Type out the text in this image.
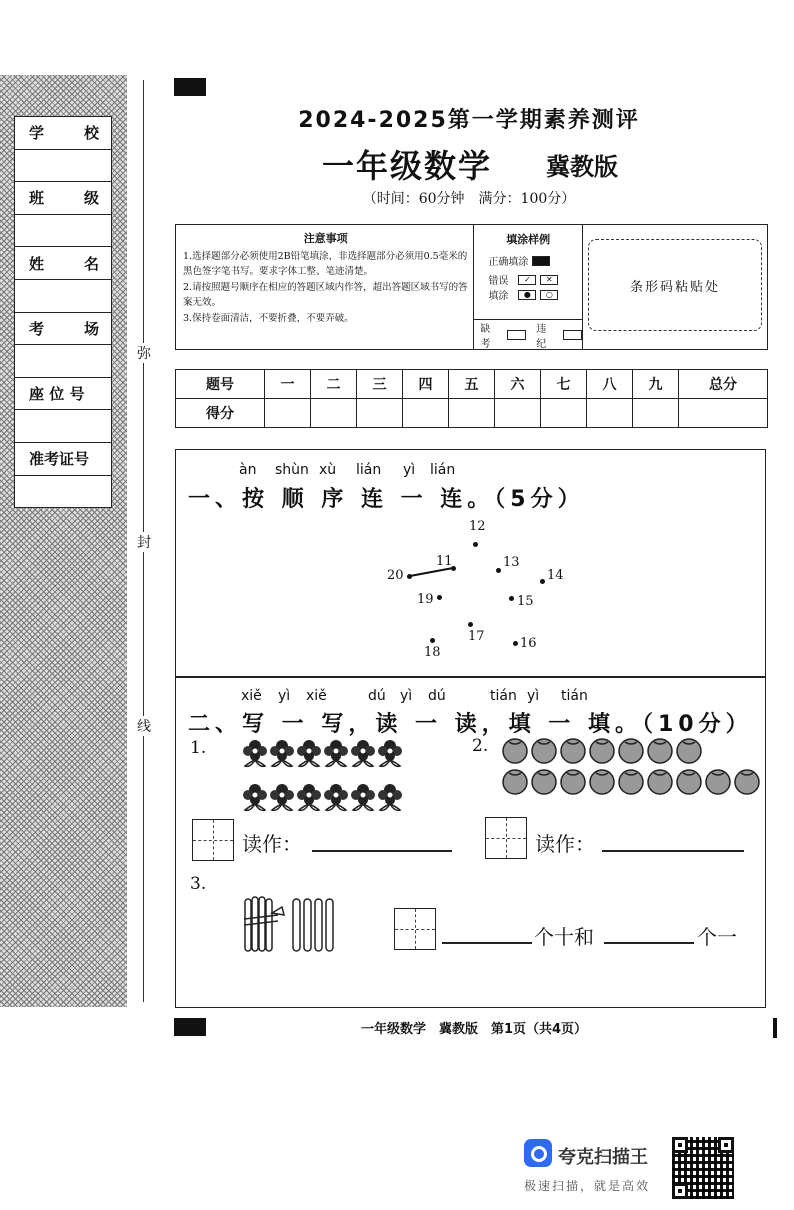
学	校
班	级
姓	名
考	场
座 位 号
准考证号
弥
封
线
2024-2025第一学期素养测评
一年级数学 冀教版
（时间：60分钟　满分：100分）
注意事项

1.选择题部分必须使用2B铅笔填涂，非选择题部分必须用0.5毫米的黑色签字笔书写。要求字体工整、笔迹清楚。

2.请按照题号顺序在相应的答题区域内作答，超出答题区域书写的答案无效。

3.保持卷面清洁，不要折叠，不要弄破。

填涂样例
正确填涂
错误	✓	✕
填涂	●	○
缺考
违纪
条形码粘贴处
题号	一	二	三	四	五	六	七	八	九	总分
得分										
àn shùn xù lián yì lián
一、按 顺 序 连 一 连。（5分）
12
11	13
20	14
19	15
17	16
18
xiě yì xiě	dú yì dú	tián yì tián
二、写 一 写，读 一 读，填 一 填。（10分）
1.	2.
读作：	读作：
3.
个十和	个一
一年级数学　冀教版　第1页（共4页）
夸克扫描王
极速扫描，就是高效
